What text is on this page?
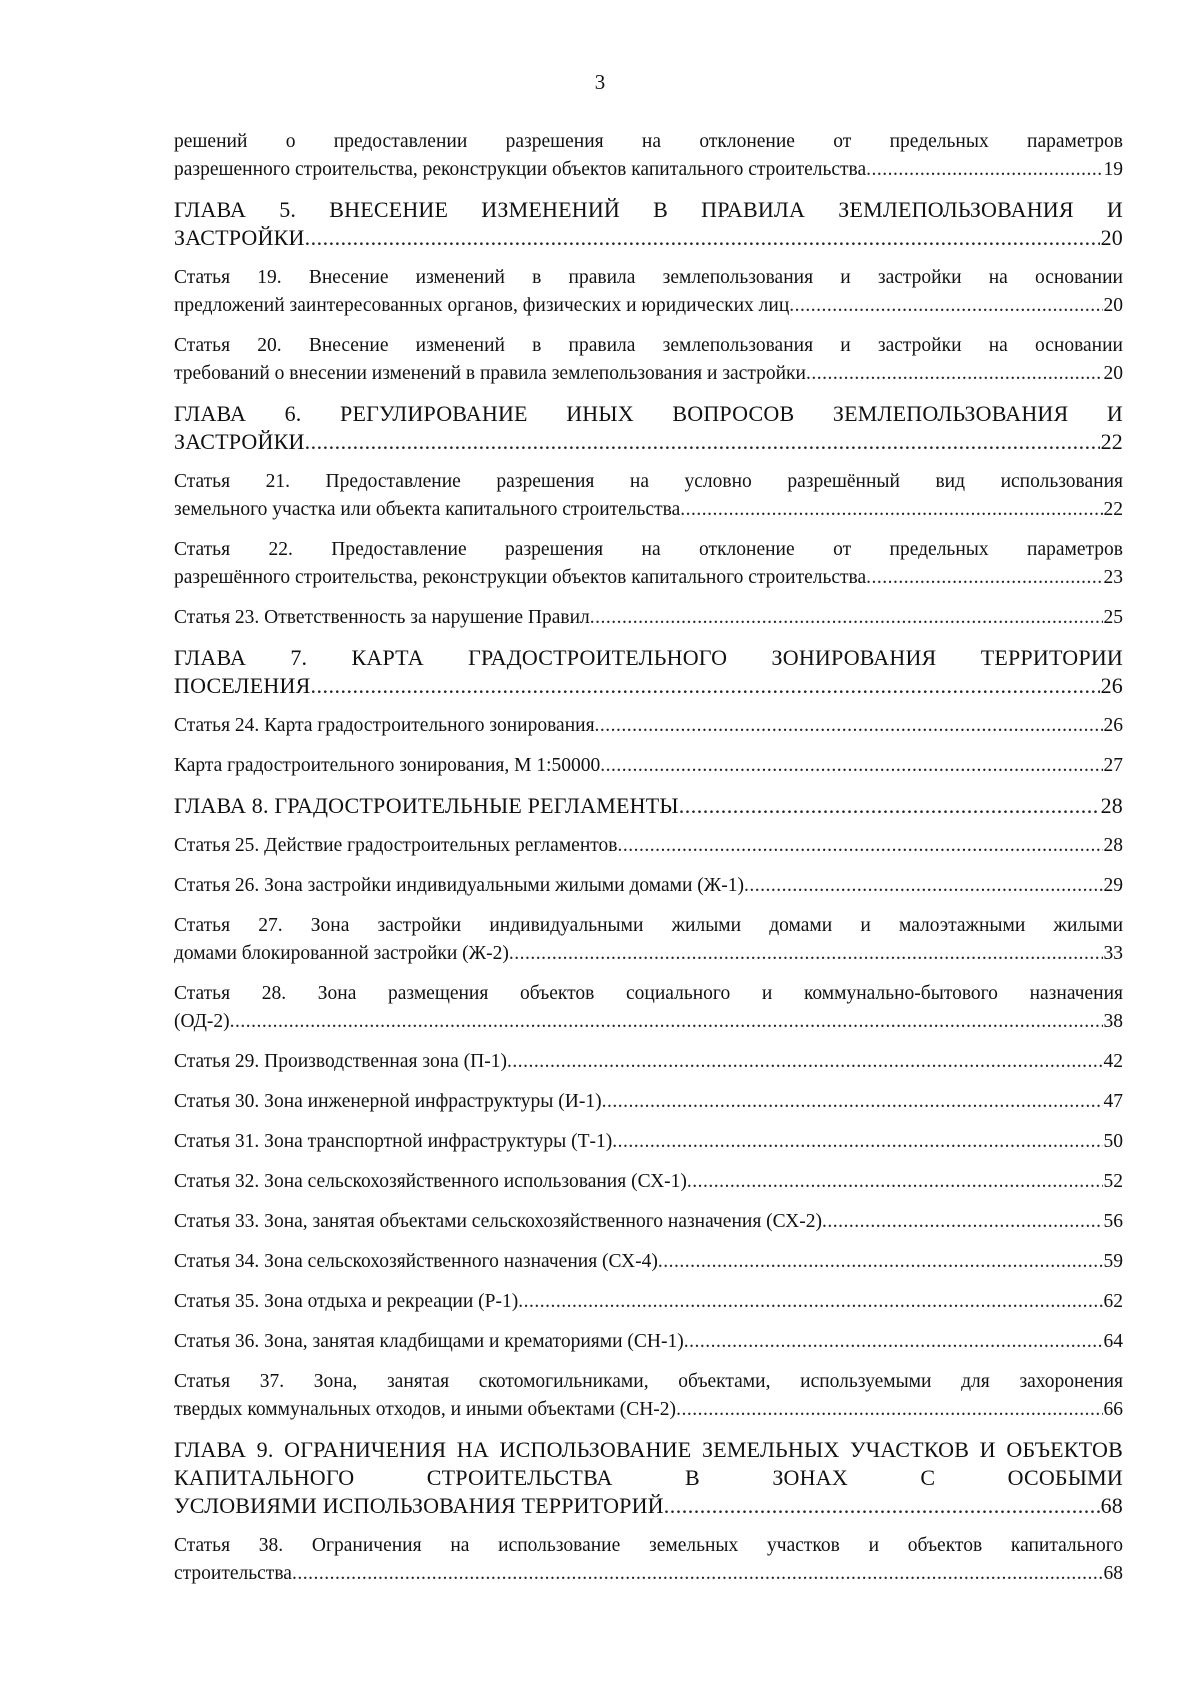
3
решений о предоставлении разрешения на отклонение от предельных параметров
разрешенного строительства, реконструкции объектов капитального строительства .....	19
ГЛАВА 5. ВНЕСЕНИЕ ИЗМЕНЕНИЙ В ПРАВИЛА ЗЕМЛЕПОЛЬЗОВАНИЯ И
ЗАСТРОЙКИ .....	20
Статья 19. Внесение изменений в правила землепользования и застройки на основании
предложений заинтересованных органов, физических и юридических лиц .....	20
Статья 20. Внесение изменений в правила землепользования и застройки на основании
требований о внесении изменений в правила землепользования и застройки .....	20
ГЛАВА 6. РЕГУЛИРОВАНИЕ ИНЫХ ВОПРОСОВ ЗЕМЛЕПОЛЬЗОВАНИЯ И
ЗАСТРОЙКИ .....	22
Статья 21. Предоставление разрешения на условно разрешённый вид использования
земельного участка или объекта капитального строительства .....	22
Статья 22. Предоставление разрешения на отклонение от предельных параметров
разрешённого строительства, реконструкции объектов капитального строительства .....	23
Статья 23. Ответственность за нарушение Правил .....	25
ГЛАВА 7. КАРТА ГРАДОСТРОИТЕЛЬНОГО ЗОНИРОВАНИЯ ТЕРРИТОРИИ
ПОСЕЛЕНИЯ .....	26
Статья 24. Карта градостроительного зонирования .....	26
Карта градостроительного зонирования, М 1:50000 .....	27
ГЛАВА 8. ГРАДОСТРОИТЕЛЬНЫЕ РЕГЛАМЕНТЫ .....	28
Статья 25. Действие градостроительных регламентов .....	28
Статья 26. Зона застройки индивидуальными жилыми домами (Ж-1) .....	29
Статья 27. Зона застройки индивидуальными жилыми домами и малоэтажными жилыми
домами блокированной застройки (Ж-2) .....	33
Статья 28. Зона размещения объектов социального и коммунально-бытового назначения
(ОД-2) .....	38
Статья 29. Производственная зона (П-1) .....	42
Статья 30. Зона инженерной инфраструктуры (И-1) .....	47
Статья 31. Зона транспортной инфраструктуры (Т-1) .....	50
Статья 32. Зона сельскохозяйственного использования (СХ-1) .....	52
Статья 33. Зона, занятая объектами сельскохозяйственного назначения (СХ-2) .....	56
Статья 34. Зона сельскохозяйственного назначения (СХ-4) .....	59
Статья 35. Зона отдыха и рекреации (Р-1) .....	62
Статья 36. Зона, занятая кладбищами и крематориями (СН-1) .....	64
Статья 37. Зона, занятая скотомогильниками, объектами, используемыми для захоронения
твердых коммунальных отходов, и иными объектами (СН-2) .....	66
ГЛАВА 9. ОГРАНИЧЕНИЯ НА ИСПОЛЬЗОВАНИЕ ЗЕМЕЛЬНЫХ УЧАСТКОВ И ОБЪЕКТОВ КАПИТАЛЬНОГО СТРОИТЕЛЬСТВА В ЗОНАХ С ОСОБЫМИ
УСЛОВИЯМИ ИСПОЛЬЗОВАНИЯ ТЕРРИТОРИЙ .....	68
Статья 38. Ограничения на использование земельных участков и объектов капитального
строительства .....	68
